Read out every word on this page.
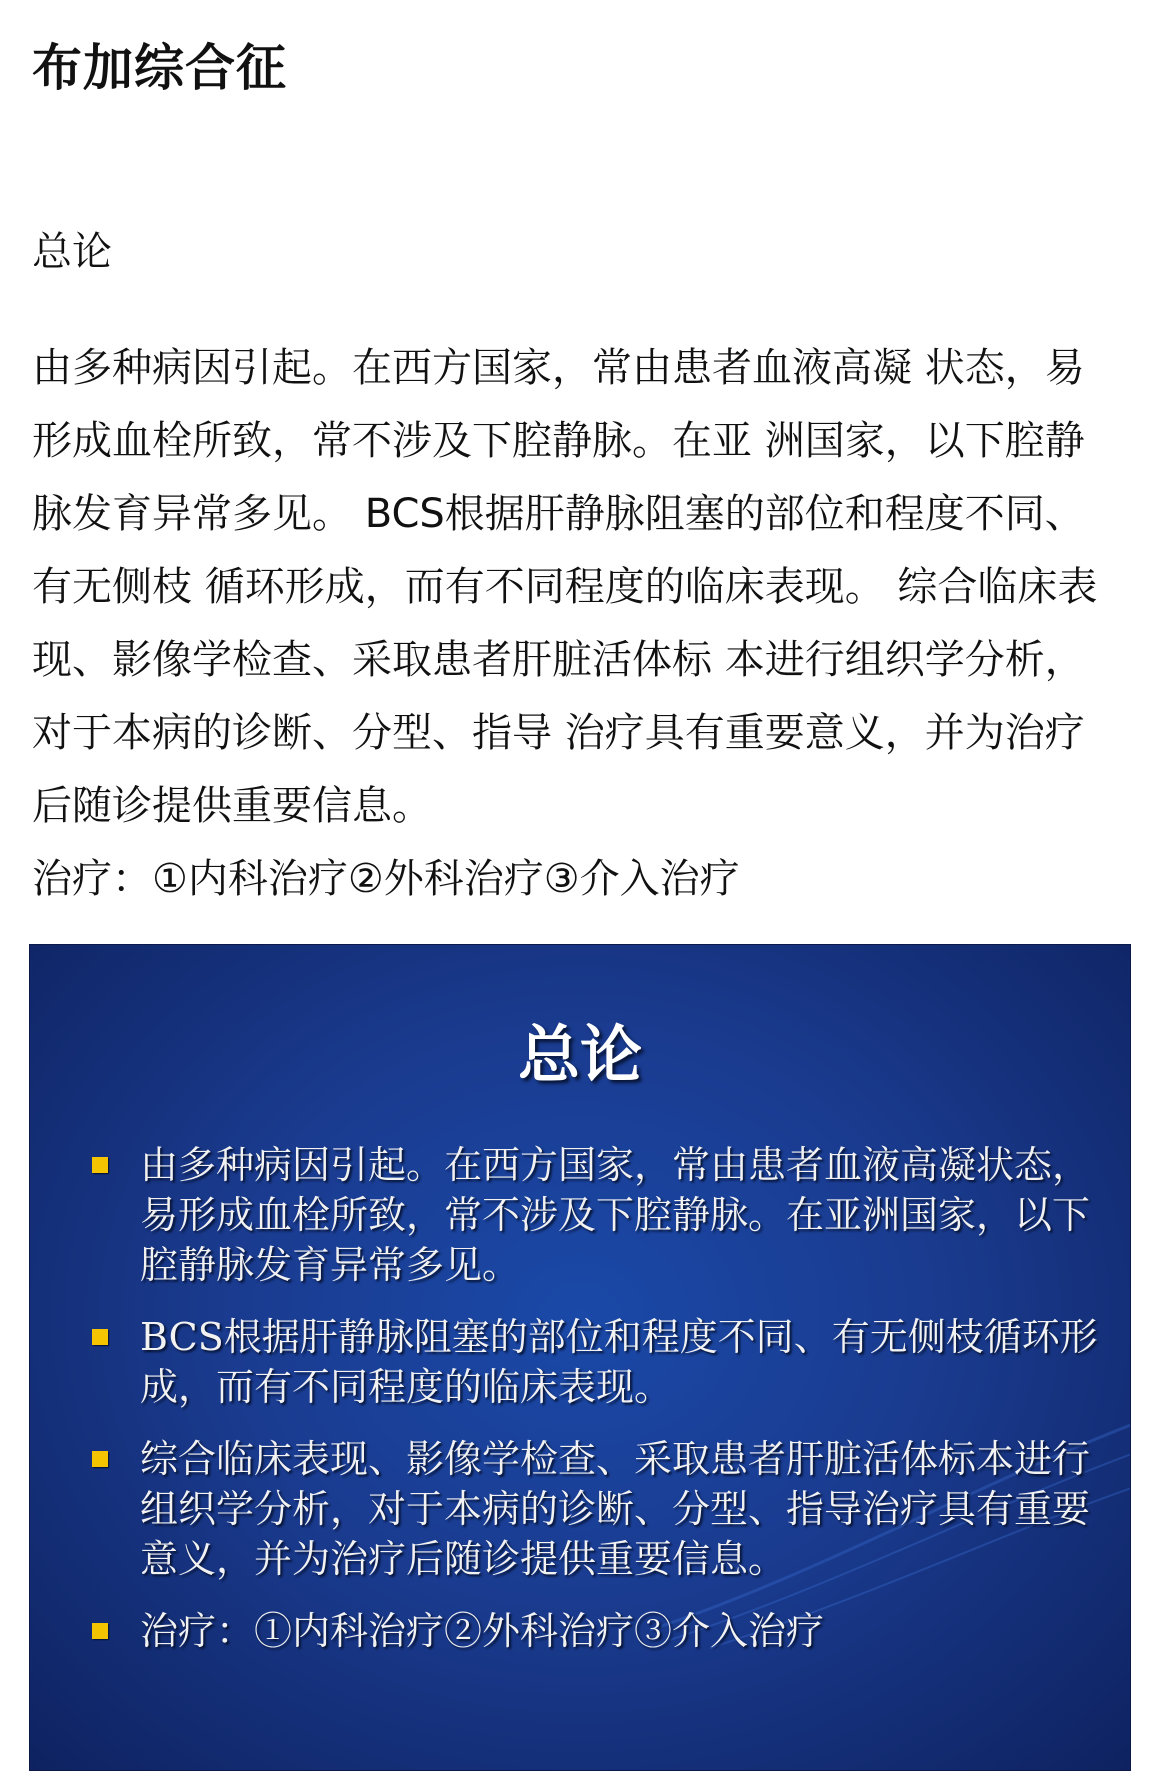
布加综合征
总论

由多种病因引起。在西方国家，常由患者血液高凝 状态，易形成血栓所致，常不涉及下腔静脉。在亚 洲国家，以下腔静脉发育异常多见。 BCS根据肝静脉阻塞的部位和程度不同、有无侧枝 循环形成，而有不同程度的临床表现。 综合临床表现、影像学检查、采取患者肝脏活体标 本进行组织学分析，对于本病的诊断、分型、指导 治疗具有重要意义，并为治疗后随诊提供重要信息。

治疗：①内科治疗②外科治疗③介入治疗

总论
由多种病因引起。在西方国家，常由患者血液高凝状态，易形成血栓所致，常不涉及下腔静脉。在亚洲国家，以下腔静脉发育异常多见。
BCS根据肝静脉阻塞的部位和程度不同、有无侧枝循环形成，而有不同程度的临床表现。
综合临床表现、影像学检查、采取患者肝脏活体标本进行组织学分析，对于本病的诊断、分型、指导治疗具有重要意义，并为治疗后随诊提供重要信息。
治疗：①内科治疗②外科治疗③介入治疗
